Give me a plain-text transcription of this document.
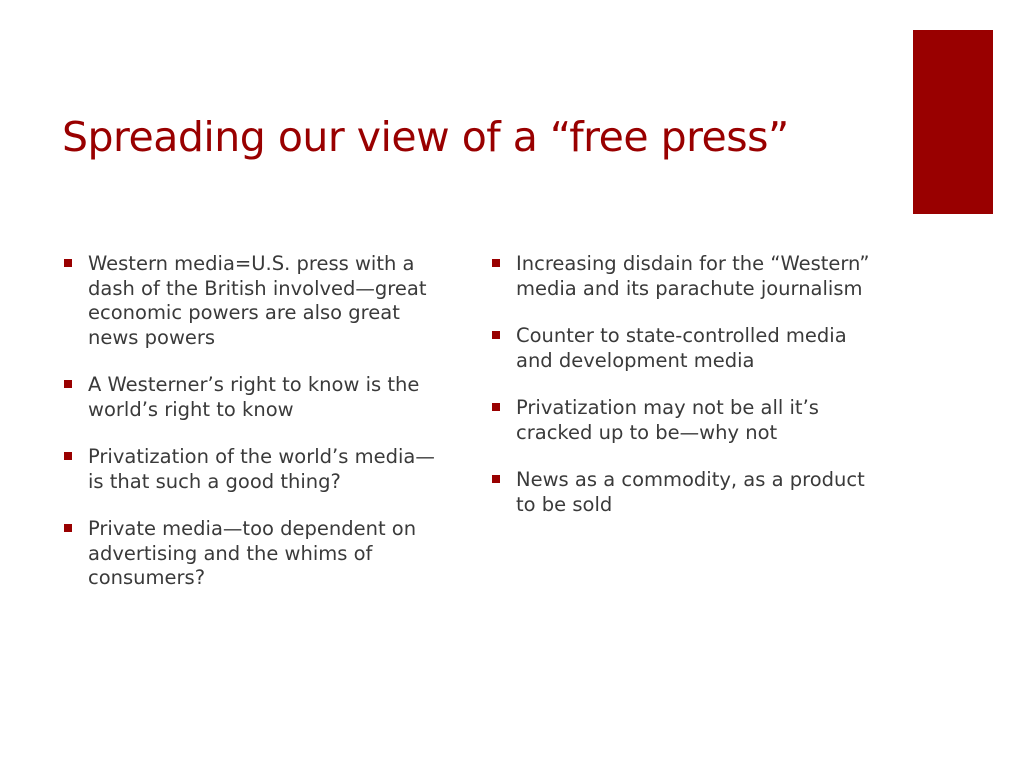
Spreading our view of a “free press”
Western media=U.S. press with a dash of the British involved—great economic powers are also great news powers
A Westerner’s right to know is the world’s right to know
Privatization of the world’s media—is that such a good thing?
Private media—too dependent on advertising and the whims of consumers?
Increasing disdain for the “Western” media and its parachute journalism
Counter to state-controlled media and development media
Privatization may not be all it’s cracked up to be—why not
News as a commodity, as a product to be sold
